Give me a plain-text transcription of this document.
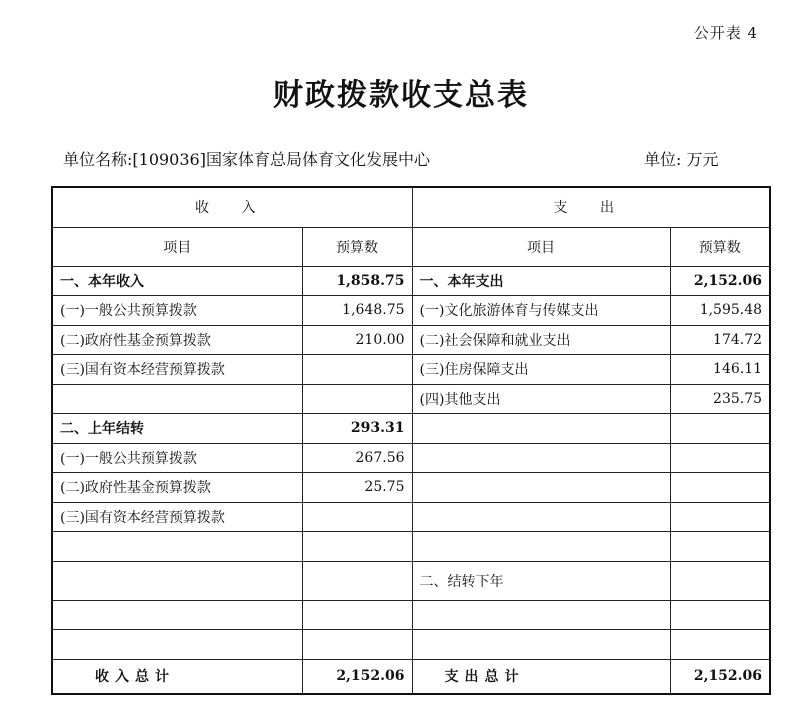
公开表 4
财政拨款收支总表
单位名称:[109036]国家体育总局体育文化发展中心	单位: 万元
收 入		支 出	
项目	预算数	项目	预算数
一、本年收入	1,858.75	一、本年支出	2,152.06
(一)一般公共预算拨款	1,648.75	(一)文化旅游体育与传媒支出	1,595.48
(二)政府性基金预算拨款	210.00	(二)社会保障和就业支出	174.72
(三)国有资本经营预算拨款		(三)住房保障支出	146.11
		(四)其他支出	235.75
二、上年结转	293.31		
(一)一般公共预算拨款	267.56		
(二)政府性基金预算拨款	25.75		
(三)国有资本经营预算拨款			

		二、结转下年	

收入总计	2,152.06	支出总计	2,152.06
